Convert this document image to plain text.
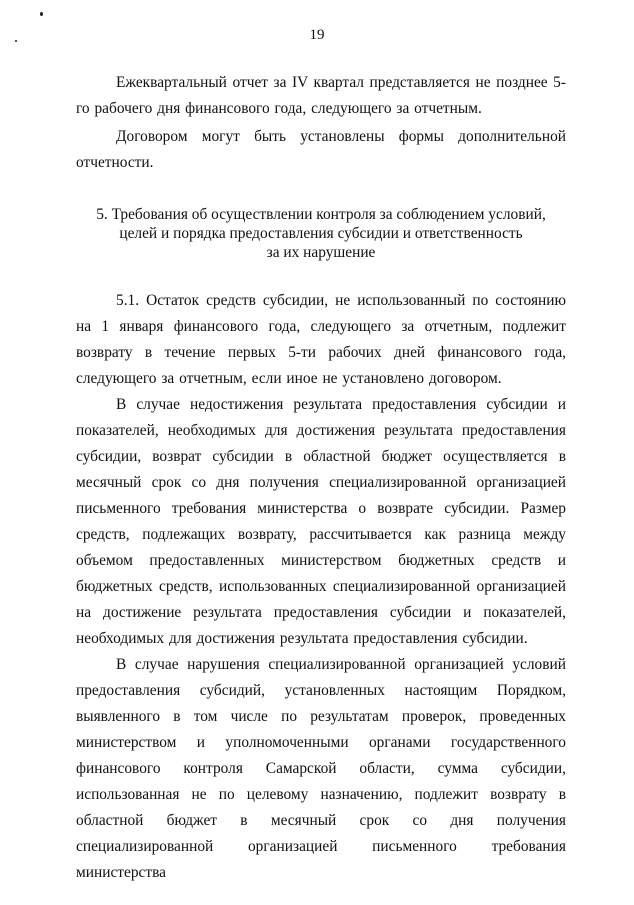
19

Ежеквартальный отчет за IV квартал представляется не позднее 5-го рабочего дня финансового года, следующего за отчетным.

Договором могут быть установлены формы дополнительной отчетности.

5. Требования об осуществлении контроля за соблюдением условий,
целей и порядка предоставления субсидии и ответственность
за их нарушение

5.1. Остаток средств субсидии, не использованный по состоянию на 1 января финансового года, следующего за отчетным, подлежит возврату в течение первых 5-ти рабочих дней финансового года, следующего за отчетным, если иное не установлено договором.

В случае недостижения результата предоставления субсидии и показателей, необходимых для достижения результата предоставления субсидии, возврат субсидии в областной бюджет осуществляется в месячный срок со дня получения специализированной организацией письменного требования министерства о возврате субсидии. Размер средств, подлежащих возврату, рассчитывается как разница между объемом предоставленных министерством бюджетных средств и бюджетных средств, использованных специализированной организацией на достижение результата предоставления субсидии и показателей, необходимых для достижения результата предоставления субсидии.

В случае нарушения специализированной организацией условий предоставления субсидий, установленных настоящим Порядком, выявленного в том числе по результатам проверок, проведенных министерством и уполномоченными органами государственного финансового контроля Самарской области, сумма субсидии, использованная не по целевому назначению, подлежит возврату в областной бюджет в месячный срок со дня получения специализированной организацией письменного требования министерства
